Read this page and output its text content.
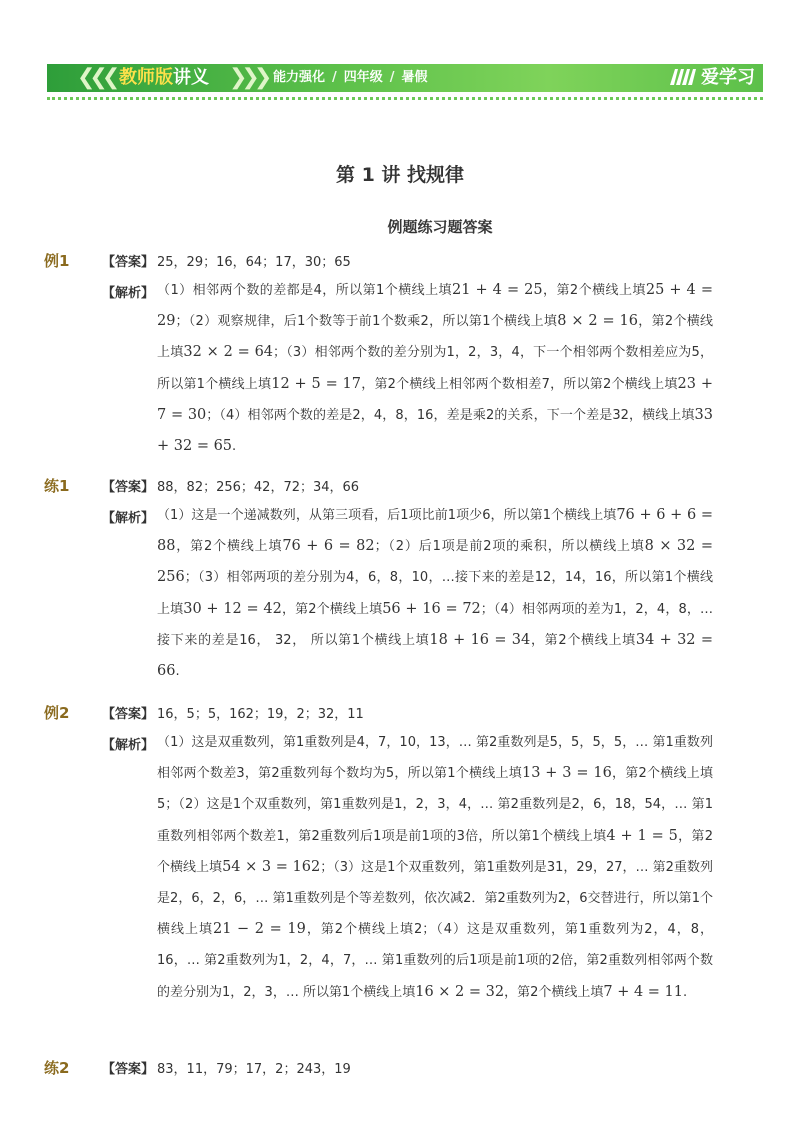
❮❮❮ 教师版讲义 ❯❯❯ 能力强化 / 四年级 / 暑假	爱学习
第 1 讲 找规律
例题练习题答案
例1	【答案】 25，29；16，64；17，30；65
【解析】 （1）相邻两个数的差都是4，所以第1个横线上填21 + 4 = 25，第2个横线上填25 + 4 = 29；（2）观察规律，后1个数等于前1个数乘2，所以第1个横线上填8 × 2 = 16，第2个横线上填32 × 2 = 64；（3）相邻两个数的差分别为1，2，3，4，下一个相邻两个数相差应为5，所以第1个横线上填12 + 5 = 17，第2个横线上相邻两个数相差7，所以第2个横线上填23 + 7 = 30；（4）相邻两个数的差是2，4，8，16，差是乘2的关系，下一个差是32，横线上填33 + 32 = 65.
练1	【答案】 88，82；256；42，72；34，66
【解析】 （1）这是一个递减数列，从第三项看，后1项比前1项少6，所以第1个横线上填76 + 6 + 6 = 88，第2个横线上填76 + 6 = 82；（2）后1项是前2项的乘积，所以横线上填8 × 32 = 256；（3）相邻两项的差分别为4，6，8，10，…接下来的差是12，14，16，所以第1个横线上填30 + 12 = 42，第2个横线上填56 + 16 = 72；（4）相邻两项的差为1，2，4，8，… 接下来的差是16， 32， 所以第1个横线上填18 + 16 = 34，第2个横线上填34 + 32 = 66.
例2	【答案】 16，5；5，162；19，2；32，11
【解析】 （1）这是双重数列，第1重数列是4，7，10，13，… 第2重数列是5，5，5，5，… 第1重数列相邻两个数差3，第2重数列每个数均为5，所以第1个横线上填13 + 3 = 16，第2个横线上填5；（2）这是1个双重数列，第1重数列是1，2，3，4，… 第2重数列是2，6，18，54，… 第1重数列相邻两个数差1，第2重数列后1项是前1项的3倍，所以第1个横线上填4 + 1 = 5，第2个横线上填54 × 3 = 162；（3）这是1个双重数列，第1重数列是31，29，27，… 第2重数列是2，6，2，6，… 第1重数列是个等差数列，依次减2．第2重数列为2，6交替进行，所以第1个横线上填21 − 2 = 19，第2个横线上填2；（4）这是双重数列，第1重数列为2，4，8，16，… 第2重数列为1，2，4，7，… 第1重数列的后1项是前1项的2倍，第2重数列相邻两个数的差分别为1，2，3，… 所以第1个横线上填16 × 2 = 32，第2个横线上填7 + 4 = 11.
练2	【答案】 83，11，79；17，2；243，19
